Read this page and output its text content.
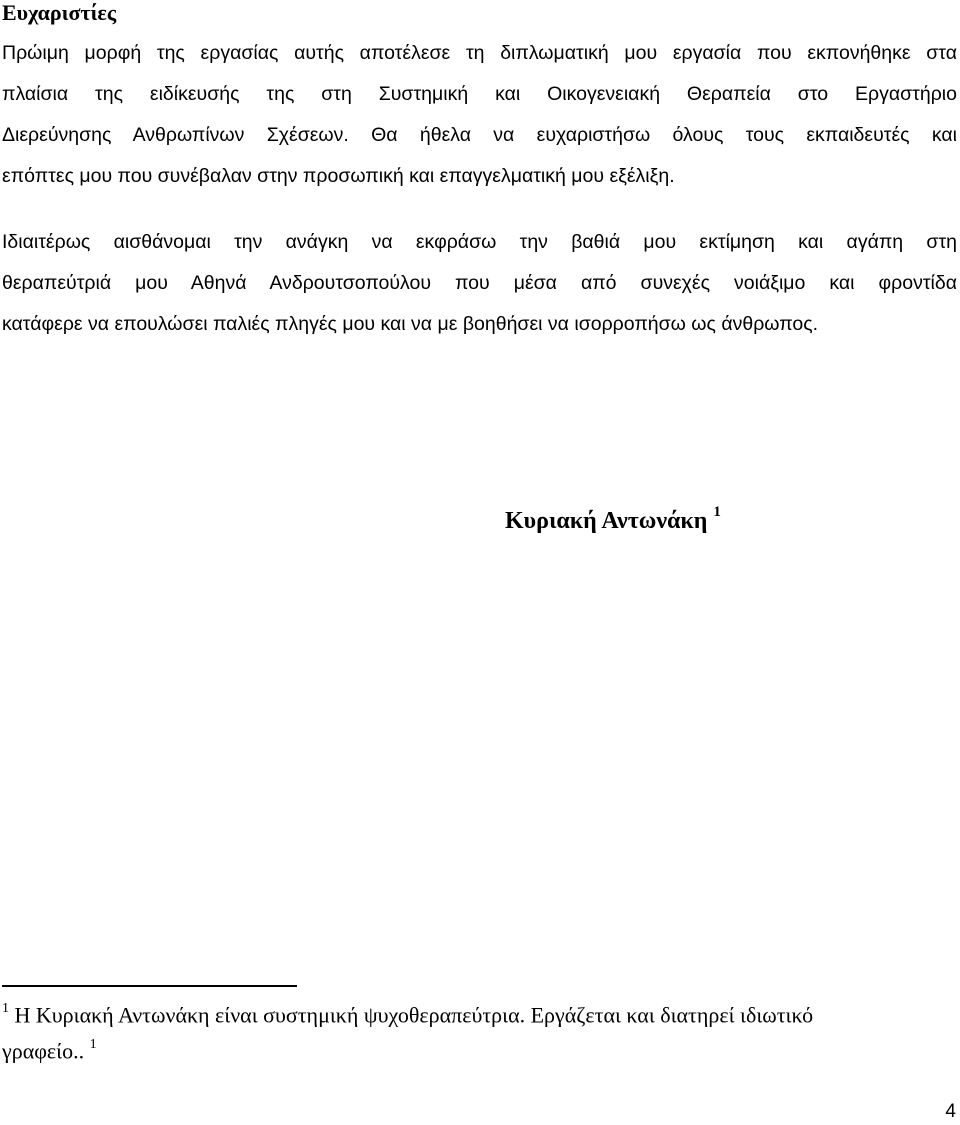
Ευχαριστίες
Πρώιμη μορφή της εργασίας αυτής αποτέλεσε τη διπλωματική μου εργασία που εκπονήθηκε στα
πλαίσια της ειδίκευσής της στη Συστημική και Οικογενειακή Θεραπεία στο Εργαστήριο
Διερεύνησης Ανθρωπίνων Σχέσεων. Θα ήθελα να ευχαριστήσω όλους τους εκπαιδευτές και
επόπτες μου που συνέβαλαν στην προσωπική και επαγγελματική μου εξέλιξη.
Ιδιαιτέρως αισθάνομαι την ανάγκη να εκφράσω την βαθιά μου εκτίμηση και αγάπη στη
θεραπεύτριά μου Αθηνά Ανδρουτσοπούλου που μέσα από συνεχές νοιάξιμο και φροντίδα
κατάφερε να επουλώσει παλιές πληγές μου και να με βοηθήσει να ισορροπήσω ως άνθρωπος.
Κυριακή Αντωνάκη $^1$
$^1$ Η Κυριακή Αντωνάκη είναι συστημική ψυχοθεραπεύτρια. Εργάζεται και διατηρεί ιδιωτικό
γραφείο.. $^1$
4
